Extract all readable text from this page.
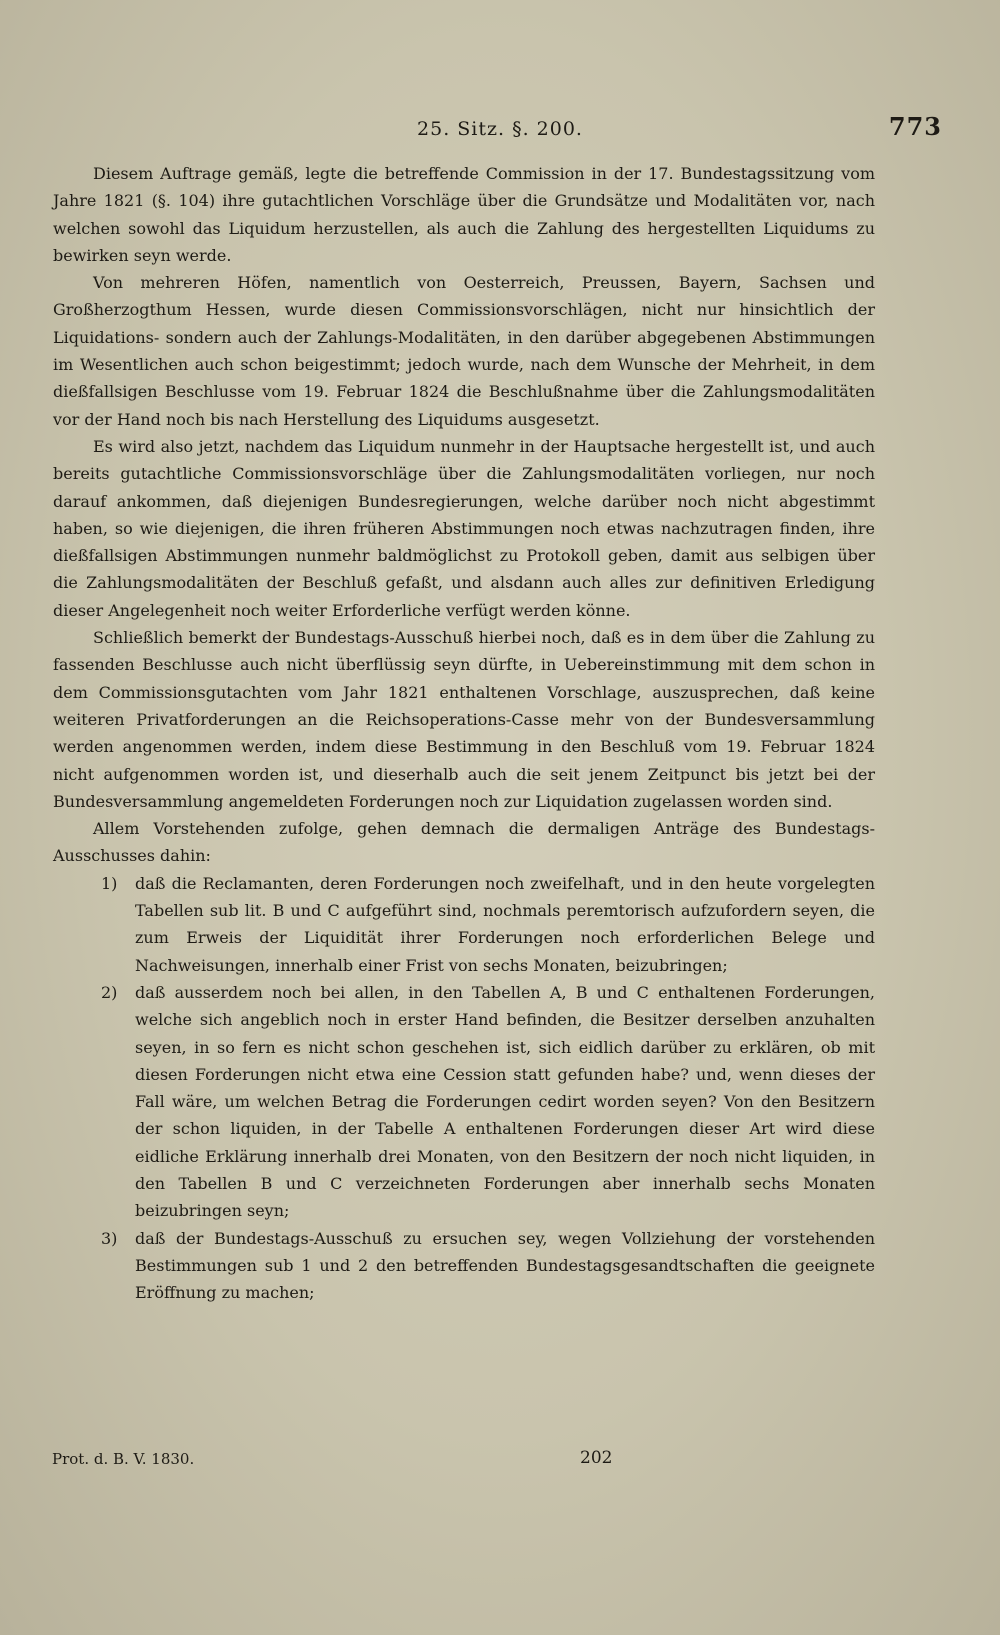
25. Sitz. §. 200.	773

Diesem Auftrage gemäß, legte die betreffende Commission in der 17. Bundestagssitzung vom Jahre 1821 (§. 104) ihre gutachtlichen Vorschläge über die Grundsätze und Modalitäten vor, nach welchen sowohl das Liquidum herzustellen, als auch die Zahlung des hergestellten Liquidums zu bewirken seyn werde.

Von mehreren Höfen, namentlich von Oesterreich, Preussen, Bayern, Sachsen und Großherzogthum Hessen, wurde diesen Commissionsvorschlägen, nicht nur hinsichtlich der Liquidations- sondern auch der Zahlungs-Modalitäten, in den darüber abgegebenen Abstimmungen im Wesentlichen auch schon beigestimmt; jedoch wurde, nach dem Wunsche der Mehrheit, in dem dießfallsigen Beschlusse vom 19. Februar 1824 die Beschlußnahme über die Zahlungsmodalitäten vor der Hand noch bis nach Herstellung des Liquidums ausgesetzt.

Es wird also jetzt, nachdem das Liquidum nunmehr in der Hauptsache hergestellt ist, und auch bereits gutachtliche Commissionsvorschläge über die Zahlungsmodalitäten vorliegen, nur noch darauf ankommen, daß diejenigen Bundesregierungen, welche darüber noch nicht abgestimmt haben, so wie diejenigen, die ihren früheren Abstimmungen noch etwas nachzutragen finden, ihre dießfallsigen Abstimmungen nunmehr baldmöglichst zu Protokoll geben, damit aus selbigen über die Zahlungsmodalitäten der Beschluß gefaßt, und alsdann auch alles zur definitiven Erledigung dieser Angelegenheit noch weiter Erforderliche verfügt werden könne.

Schließlich bemerkt der Bundestags-Ausschuß hierbei noch, daß es in dem über die Zahlung zu fassenden Beschlusse auch nicht überflüssig seyn dürfte, in Uebereinstimmung mit dem schon in dem Commissionsgutachten vom Jahr 1821 enthaltenen Vorschlage, auszusprechen, daß keine weiteren Privatforderungen an die Reichsoperations-Casse mehr von der Bundesversammlung werden angenommen werden, indem diese Bestimmung in den Beschluß vom 19. Februar 1824 nicht aufgenommen worden ist, und dieserhalb auch die seit jenem Zeitpunct bis jetzt bei der Bundesversammlung angemeldeten Forderungen noch zur Liquidation zugelassen worden sind.

Allem Vorstehenden zufolge, gehen demnach die dermaligen Anträge des Bundestags-Ausschusses dahin:

1) daß die Reclamanten, deren Forderungen noch zweifelhaft, und in den heute vorgelegten Tabellen sub lit. B und C aufgeführt sind, nochmals peremtorisch aufzufordern seyen, die zum Erweis der Liquidität ihrer Forderungen noch erforderlichen Belege und Nachweisungen, innerhalb einer Frist von sechs Monaten, beizubringen;
2) daß ausserdem noch bei allen, in den Tabellen A, B und C enthaltenen Forderungen, welche sich angeblich noch in erster Hand befinden, die Besitzer derselben anzuhalten seyen, in so fern es nicht schon geschehen ist, sich eidlich darüber zu erklären, ob mit diesen Forderungen nicht etwa eine Cession statt gefunden habe? und, wenn dieses der Fall wäre, um welchen Betrag die Forderungen cedirt worden seyen? Von den Besitzern der schon liquiden, in der Tabelle A enthaltenen Forderungen dieser Art wird diese eidliche Erklärung innerhalb drei Monaten, von den Besitzern der noch nicht liquiden, in den Tabellen B und C verzeichneten Forderungen aber innerhalb sechs Monaten beizubringen seyn;
3) daß der Bundestags-Ausschuß zu ersuchen sey, wegen Vollziehung der vorstehenden Bestimmungen sub 1 und 2 den betreffenden Bundestagsgesandtschaften die geeignete Eröffnung zu machen;
Prot. d. B. V. 1830.	202
